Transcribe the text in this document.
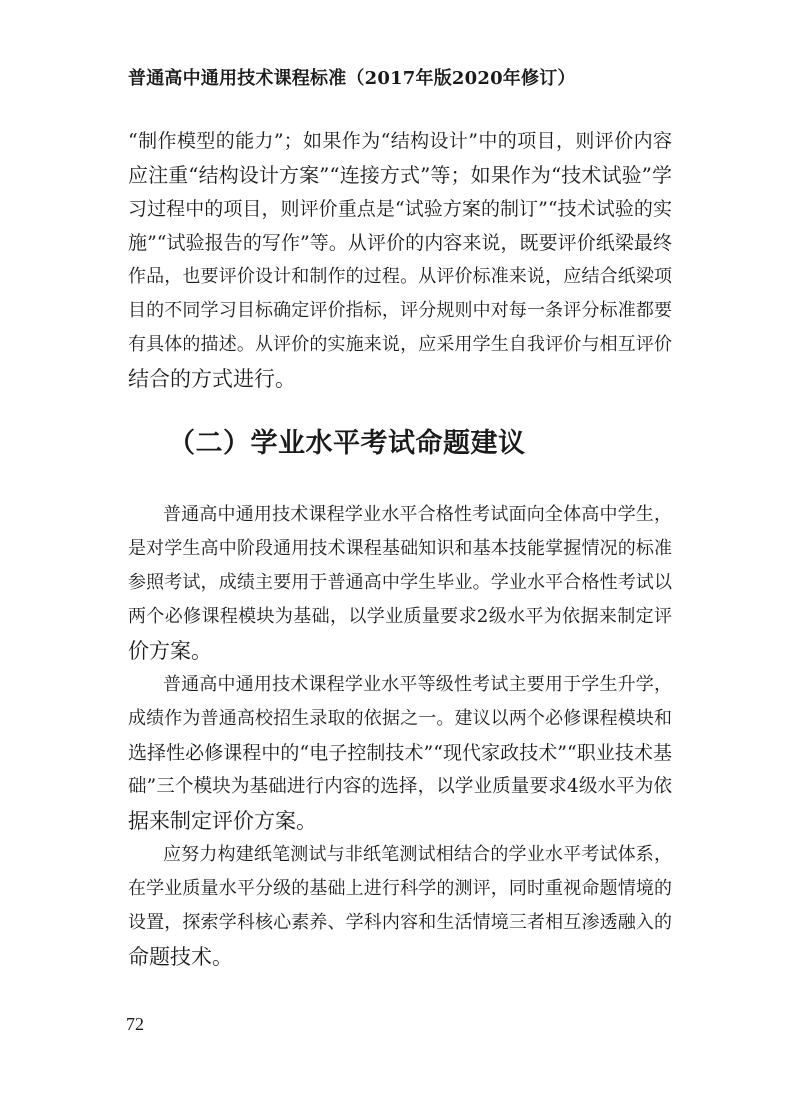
普通高中通用技术课程标准（2017年版2020年修订）
“制作模型的能力”；如果作为“结构设计”中的项目，则评价内容
应注重“结构设计方案”“连接方式”等；如果作为“技术试验”学
习过程中的项目，则评价重点是“试验方案的制订”“技术试验的实
施”“试验报告的写作”等。从评价的内容来说，既要评价纸梁最终
作品，也要评价设计和制作的过程。从评价标准来说，应结合纸梁项
目的不同学习目标确定评价指标，评分规则中对每一条评分标准都要
有具体的描述。从评价的实施来说，应采用学生自我评价与相互评价
结合的方式进行。
（二）学业水平考试命题建议
普通高中通用技术课程学业水平合格性考试面向全体高中学生，
是对学生高中阶段通用技术课程基础知识和基本技能掌握情况的标准
参照考试，成绩主要用于普通高中学生毕业。学业水平合格性考试以
两个必修课程模块为基础，以学业质量要求2级水平为依据来制定评
价方案。
普通高中通用技术课程学业水平等级性考试主要用于学生升学，
成绩作为普通高校招生录取的依据之一。建议以两个必修课程模块和
选择性必修课程中的“电子控制技术”“现代家政技术”“职业技术基
础”三个模块为基础进行内容的选择，以学业质量要求4级水平为依
据来制定评价方案。
应努力构建纸笔测试与非纸笔测试相结合的学业水平考试体系，
在学业质量水平分级的基础上进行科学的测评，同时重视命题情境的
设置，探索学科核心素养、学科内容和生活情境三者相互渗透融入的
命题技术。
72
